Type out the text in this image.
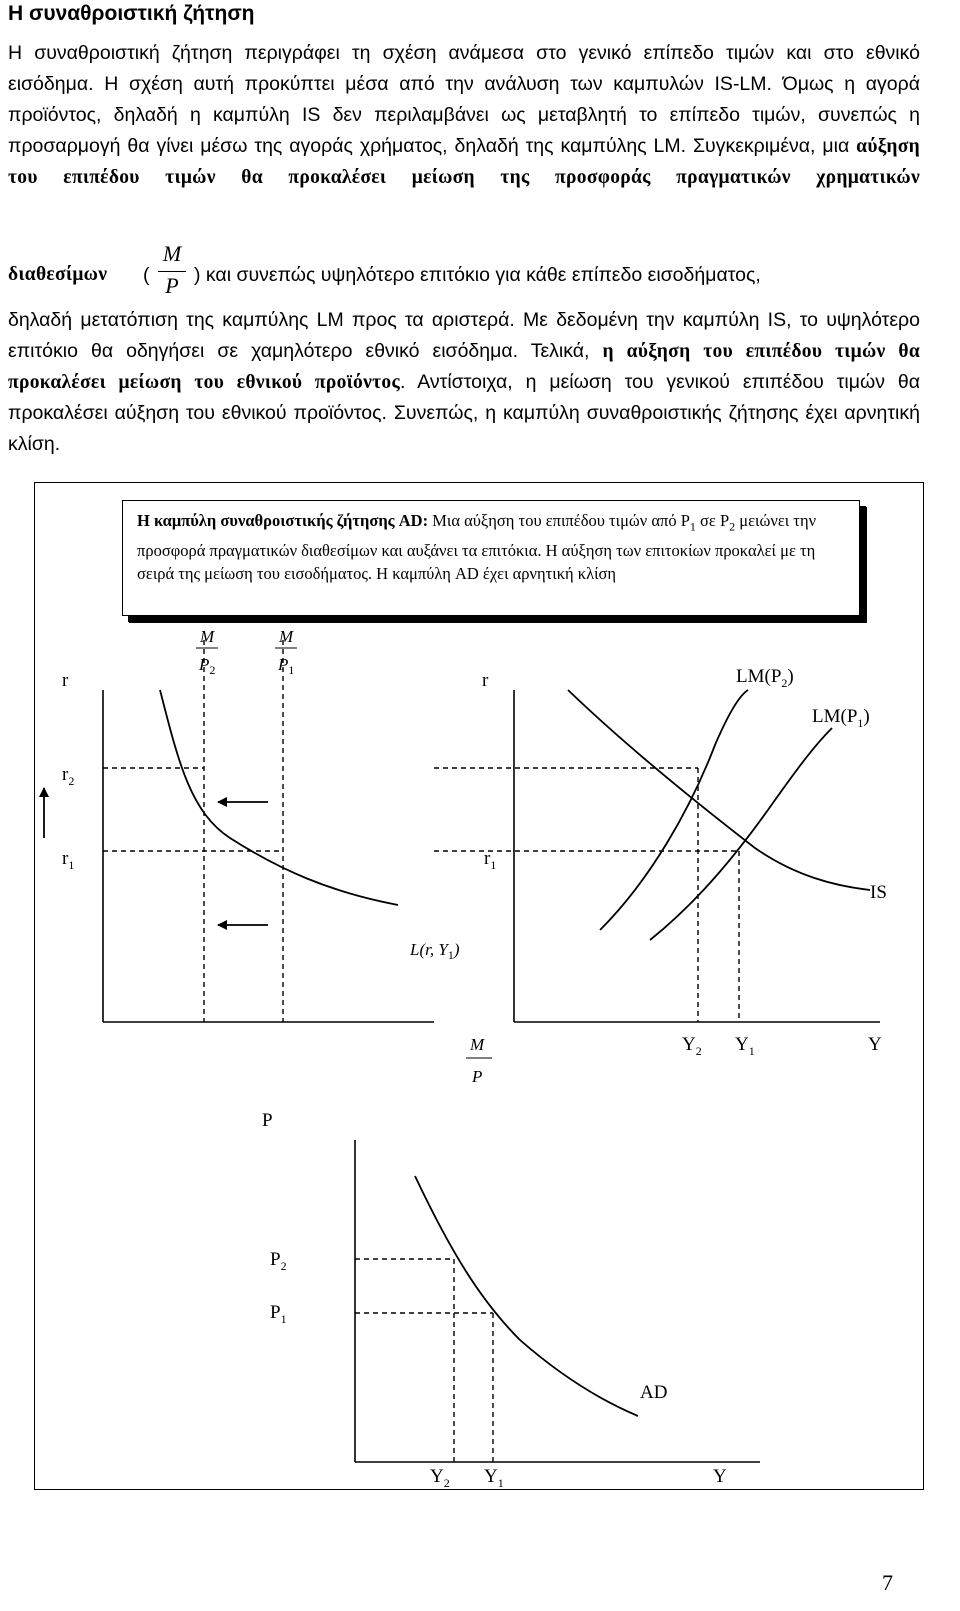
Η συναθροιστική ζήτηση

Η συναθροιστική ζήτηση περιγράφει τη σχέση ανάμεσα στο γενικό επίπεδο τιμών και στο εθνικό εισόδημα. Η σχέση αυτή προκύπτει μέσα από την ανάλυση των καμπυλών IS-LM. Όμως η αγορά προϊόντος, δηλαδή η καμπύλη IS δεν περιλαμβάνει ως μεταβλητή το επίπεδο τιμών, συνεπώς η προσαρμογή θα γίνει μέσω της αγοράς χρήματος, δηλαδή της καμπύλης LM. Συγκεκριμένα, μια αύξηση του επιπέδου τιμών θα προκαλέσει μείωση της προσφοράς πραγματικών χρηματικών

διαθεσίμων (
M
P ) και συνεπώς υψηλότερο επιτόκιο για κάθε επίπεδο εισοδήματος,

δηλαδή μετατόπιση της καμπύλης LM προς τα αριστερά. Με δεδομένη την καμπύλη IS, το υψηλότερο επιτόκιο θα οδηγήσει σε χαμηλότερο εθνικό εισόδημα. Τελικά, η αύξηση του επιπέδου τιμών θα προκαλέσει μείωση του εθνικού προϊόντος. Αντίστοιχα, η μείωση του γενικού επιπέδου τιμών θα προκαλέσει αύξηση του εθνικού προϊόντος. Συνεπώς, η καμπύλη συναθροιστικής ζήτησης έχει αρνητική κλίση.

Η καμπύλη συναθροιστικής ζήτησης AD: Μια αύξηση του επιπέδου τιμών από $P_1$ σε $P_2$ μειώνει την προσφορά πραγματικών διαθεσίμων και αυξάνει τα επιτόκια. Η αύξηση των επιτοκίων προκαλεί με τη σειρά της μείωση του εισοδήματος. Η καμπύλη AD έχει αρνητική κλίση
r
$r_2$
$r_1$
M
$P_2$
M
$P_1$
L(r, $Y_1$)
M
P
r	$LM(P_2)$
$LM(P_1)$
IS
$r_1$
$Y_2$ $Y_1$	Y
P
$P_2$
$P_1$
AD
$Y_2$ $Y_1$	Y
7
